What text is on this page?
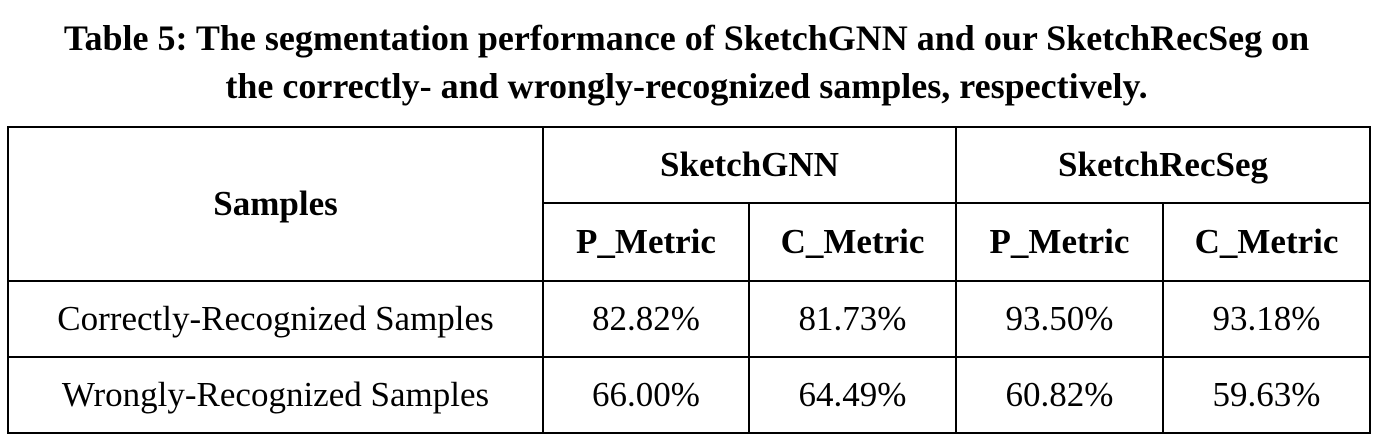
Table 5: The segmentation performance of SketchGNN and our SketchRecSeg on
the correctly- and wrongly-recognized samples, respectively.
Samples	SketchGNN		SketchRecSeg	
	P_Metric	C_Metric	P_Metric	C_Metric
Correctly-Recognized Samples	82.82%	81.73%	93.50%	93.18%
Wrongly-Recognized Samples	66.00%	64.49%	60.82%	59.63%
